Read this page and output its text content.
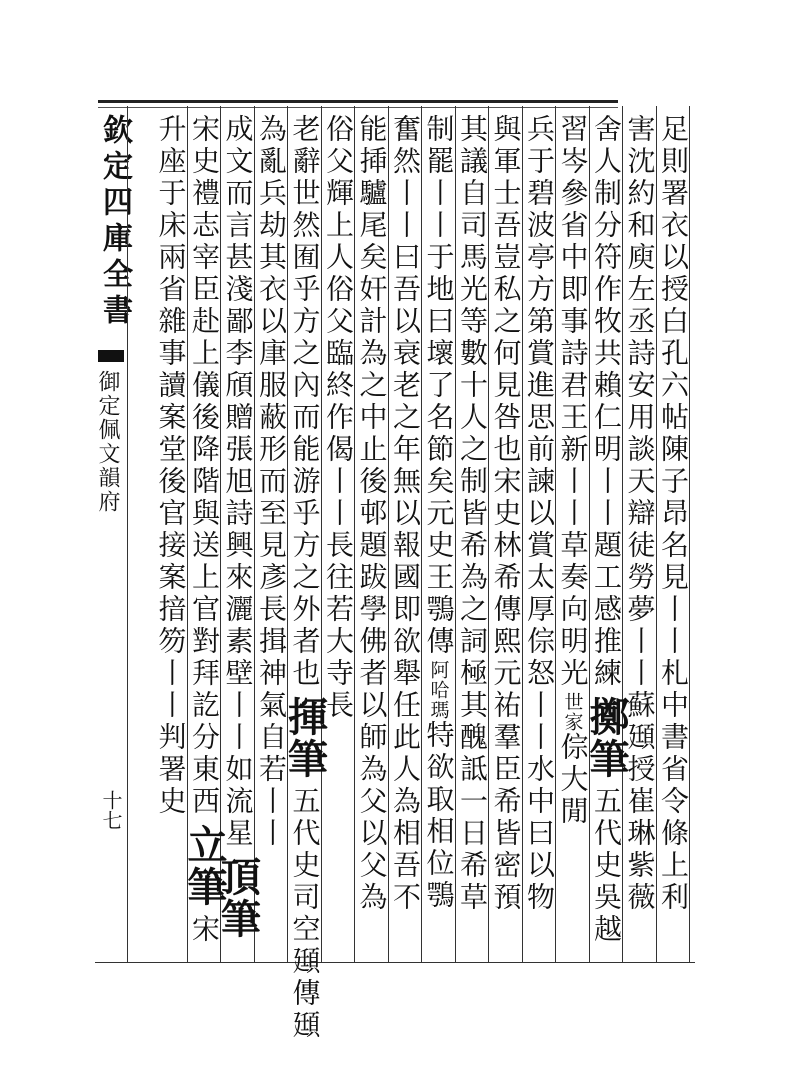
欽定四庫全書
御定佩文韻府
十七	足則署衣以授白孔六帖陳子昂名見丨丨札中書省令條上利
害沈約和庾左丞詩安用談天辯徒勞夢丨丨蘇頲授崔琳紫薇
舍人制分符作牧共賴仁明丨丨題工感推練
擲筆
五代史吳越
習岑參省中即事詩君王新丨丨草奏向明光
世家
倧大閒
兵于碧波亭方第賞進思前諫以賞太厚倧怒丨丨水中曰以物
與軍士吾豈私之何見咎也宋史林希傳熙元祐羣臣希皆密預
其議自司馬光等數十人之制皆希為之詞極其醜詆一日希草
制罷丨丨于地曰壞了名節矣元史王鶚傳
阿哈瑪
特欲取相位鶚
奮然丨丨曰吾以衰老之年無以報國即欲舉任此人為相吾不
能揷驢尾矣奸計為之中止後邨題跋學佛者以師為父以父為
俗父輝上人俗父臨終作偈丨丨長往若大寺長
老辭世然囿乎方之內而能游乎方之外者也
揮筆
五代史司空頲傳頲
為亂兵劫其衣以㡽服蔽形而至見彥長揖神氣自若丨丨
成文而言甚淺鄙李頎贈張旭詩興來灑素壁丨丨如流星
頂筆
宋史禮志宰臣赴上儀後降階與送上官對拜訖分東西
立筆
宋
升座于床兩省雜事讀案堂後官接案揞笏丨丨判署
史
